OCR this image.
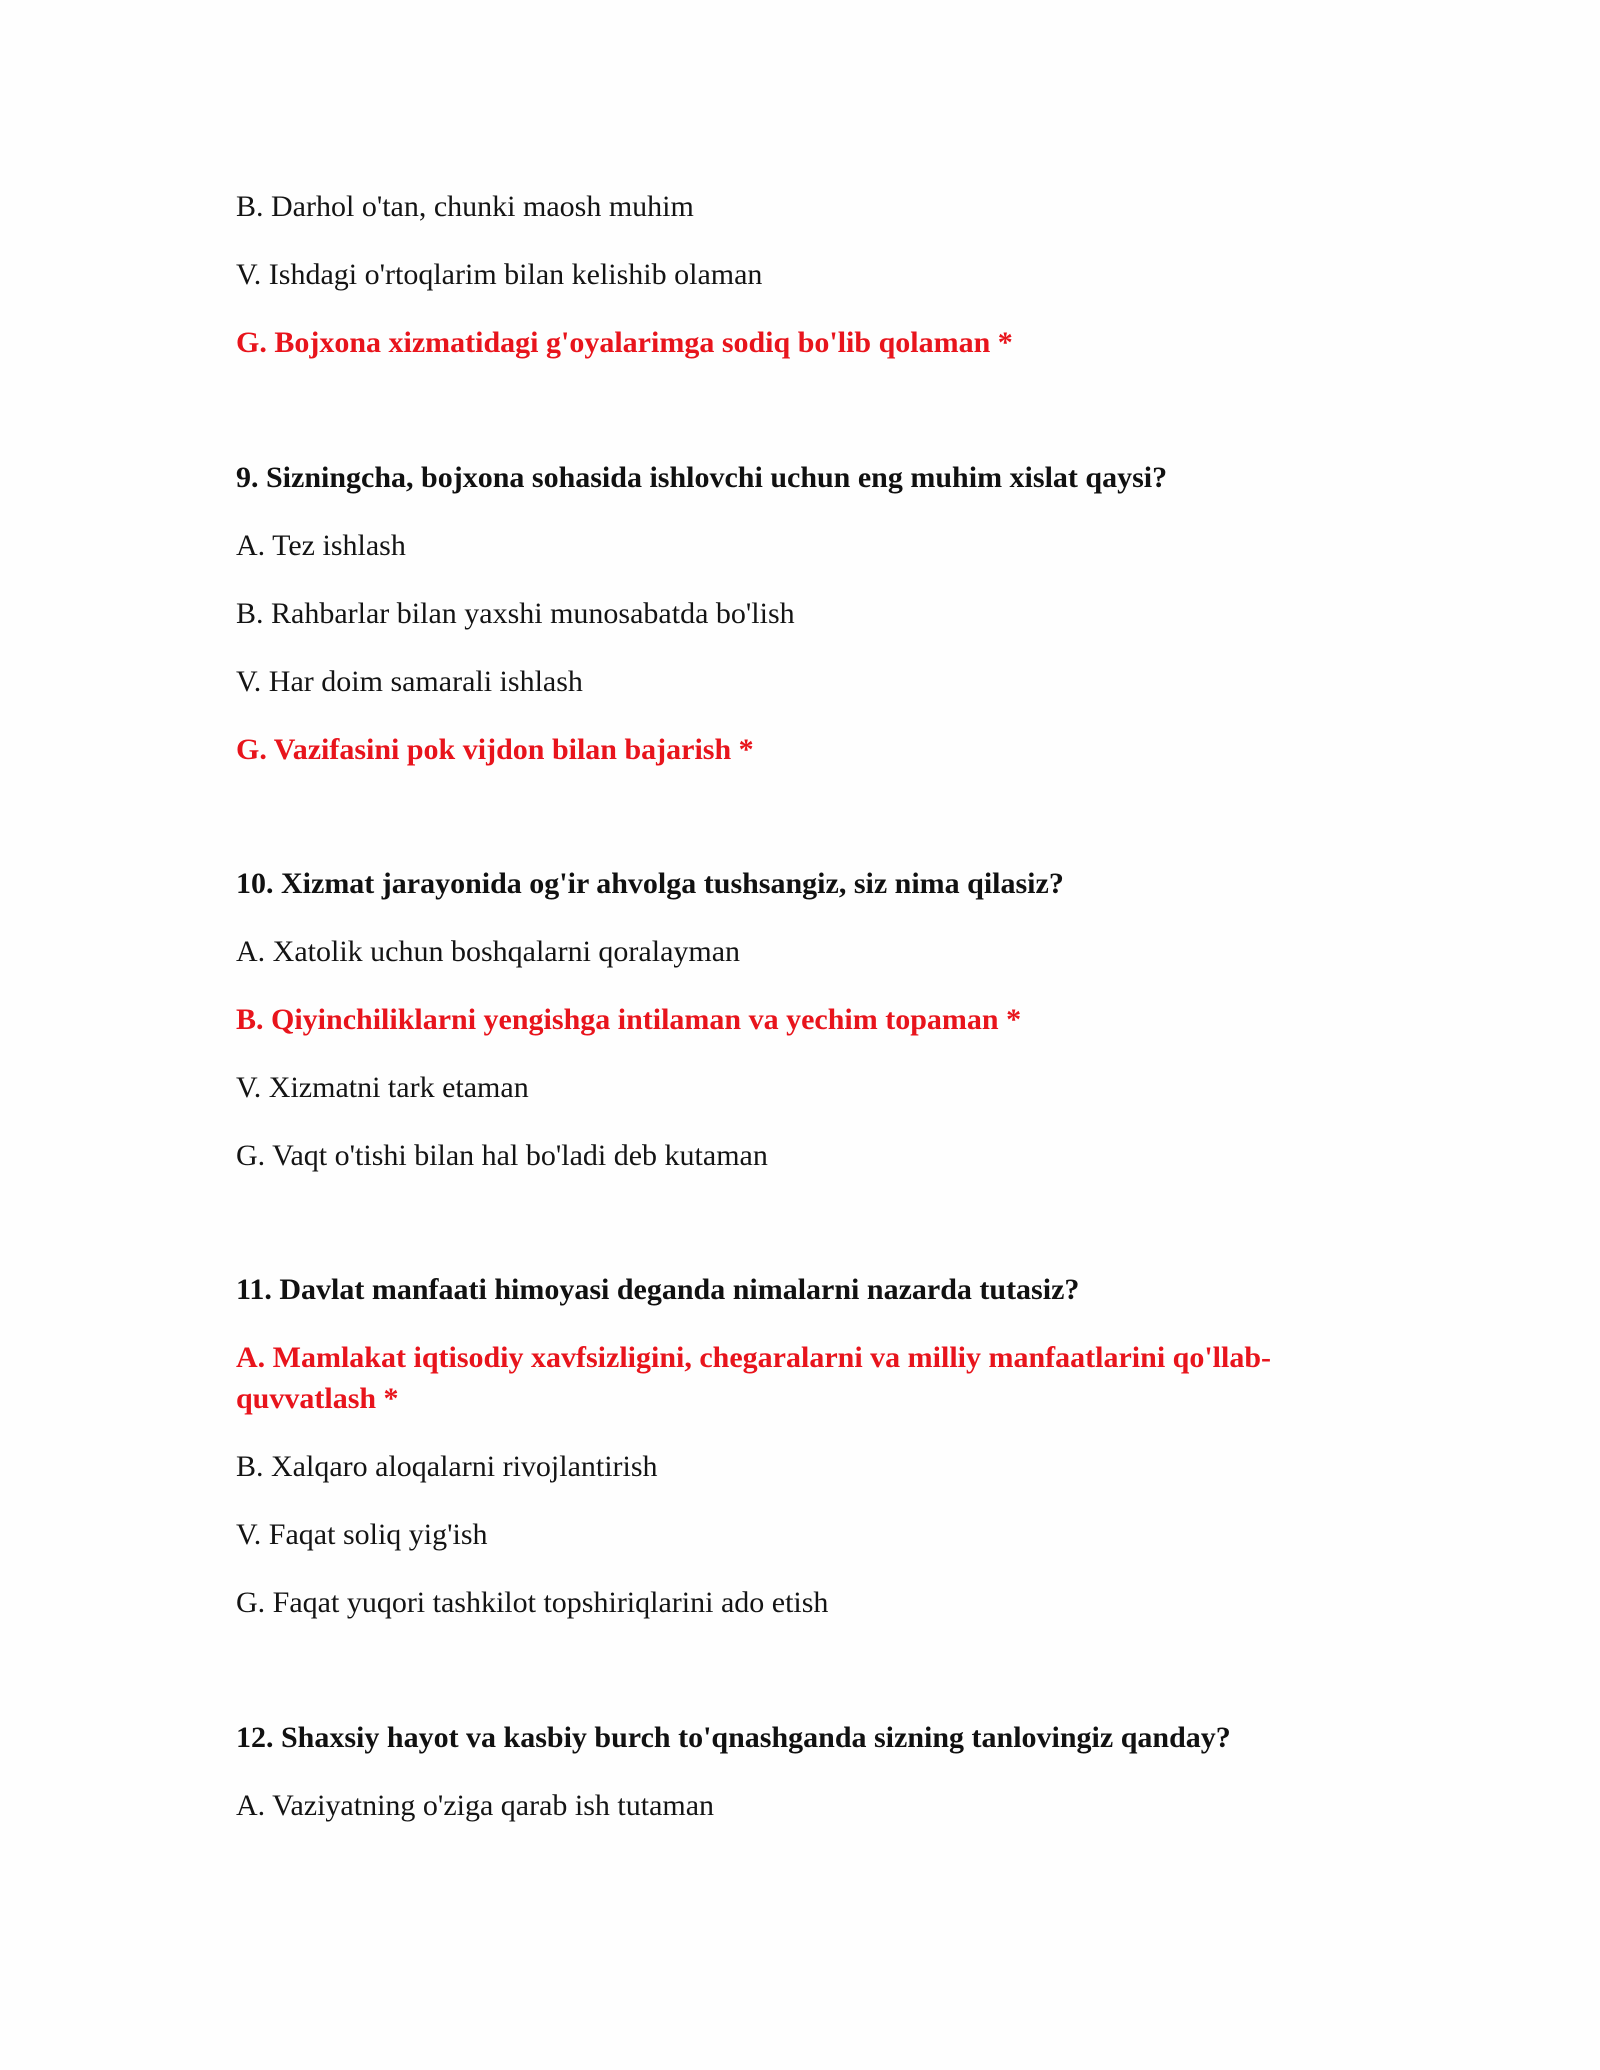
B. Darhol o'tan, chunki maosh muhim
V. Ishdagi o'rtoqlarim bilan kelishib olaman
G. Bojxona xizmatidagi g'oyalarimga sodiq bo'lib qolaman *
9. Sizningcha, bojxona sohasida ishlovchi uchun eng muhim xislat qaysi?
A. Tez ishlash
B. Rahbarlar bilan yaxshi munosabatda bo'lish
V. Har doim samarali ishlash
G. Vazifasini pok vijdon bilan bajarish *
10. Xizmat jarayonida og'ir ahvolga tushsangiz, siz nima qilasiz?
A. Xatolik uchun boshqalarni qoralayman
B. Qiyinchiliklarni yengishga intilaman va yechim topaman *
V. Xizmatni tark etaman
G. Vaqt o'tishi bilan hal bo'ladi deb kutaman
11. Davlat manfaati himoyasi deganda nimalarni nazarda tutasiz?
A. Mamlakat iqtisodiy xavfsizligini, chegaralarni va milliy manfaatlarini qo'llab-
quvvatlash *
B. Xalqaro aloqalarni rivojlantirish
V. Faqat soliq yig'ish
G. Faqat yuqori tashkilot topshiriqlarini ado etish
12. Shaxsiy hayot va kasbiy burch to'qnashganda sizning tanlovingiz qanday?
A. Vaziyatning o'ziga qarab ish tutaman
